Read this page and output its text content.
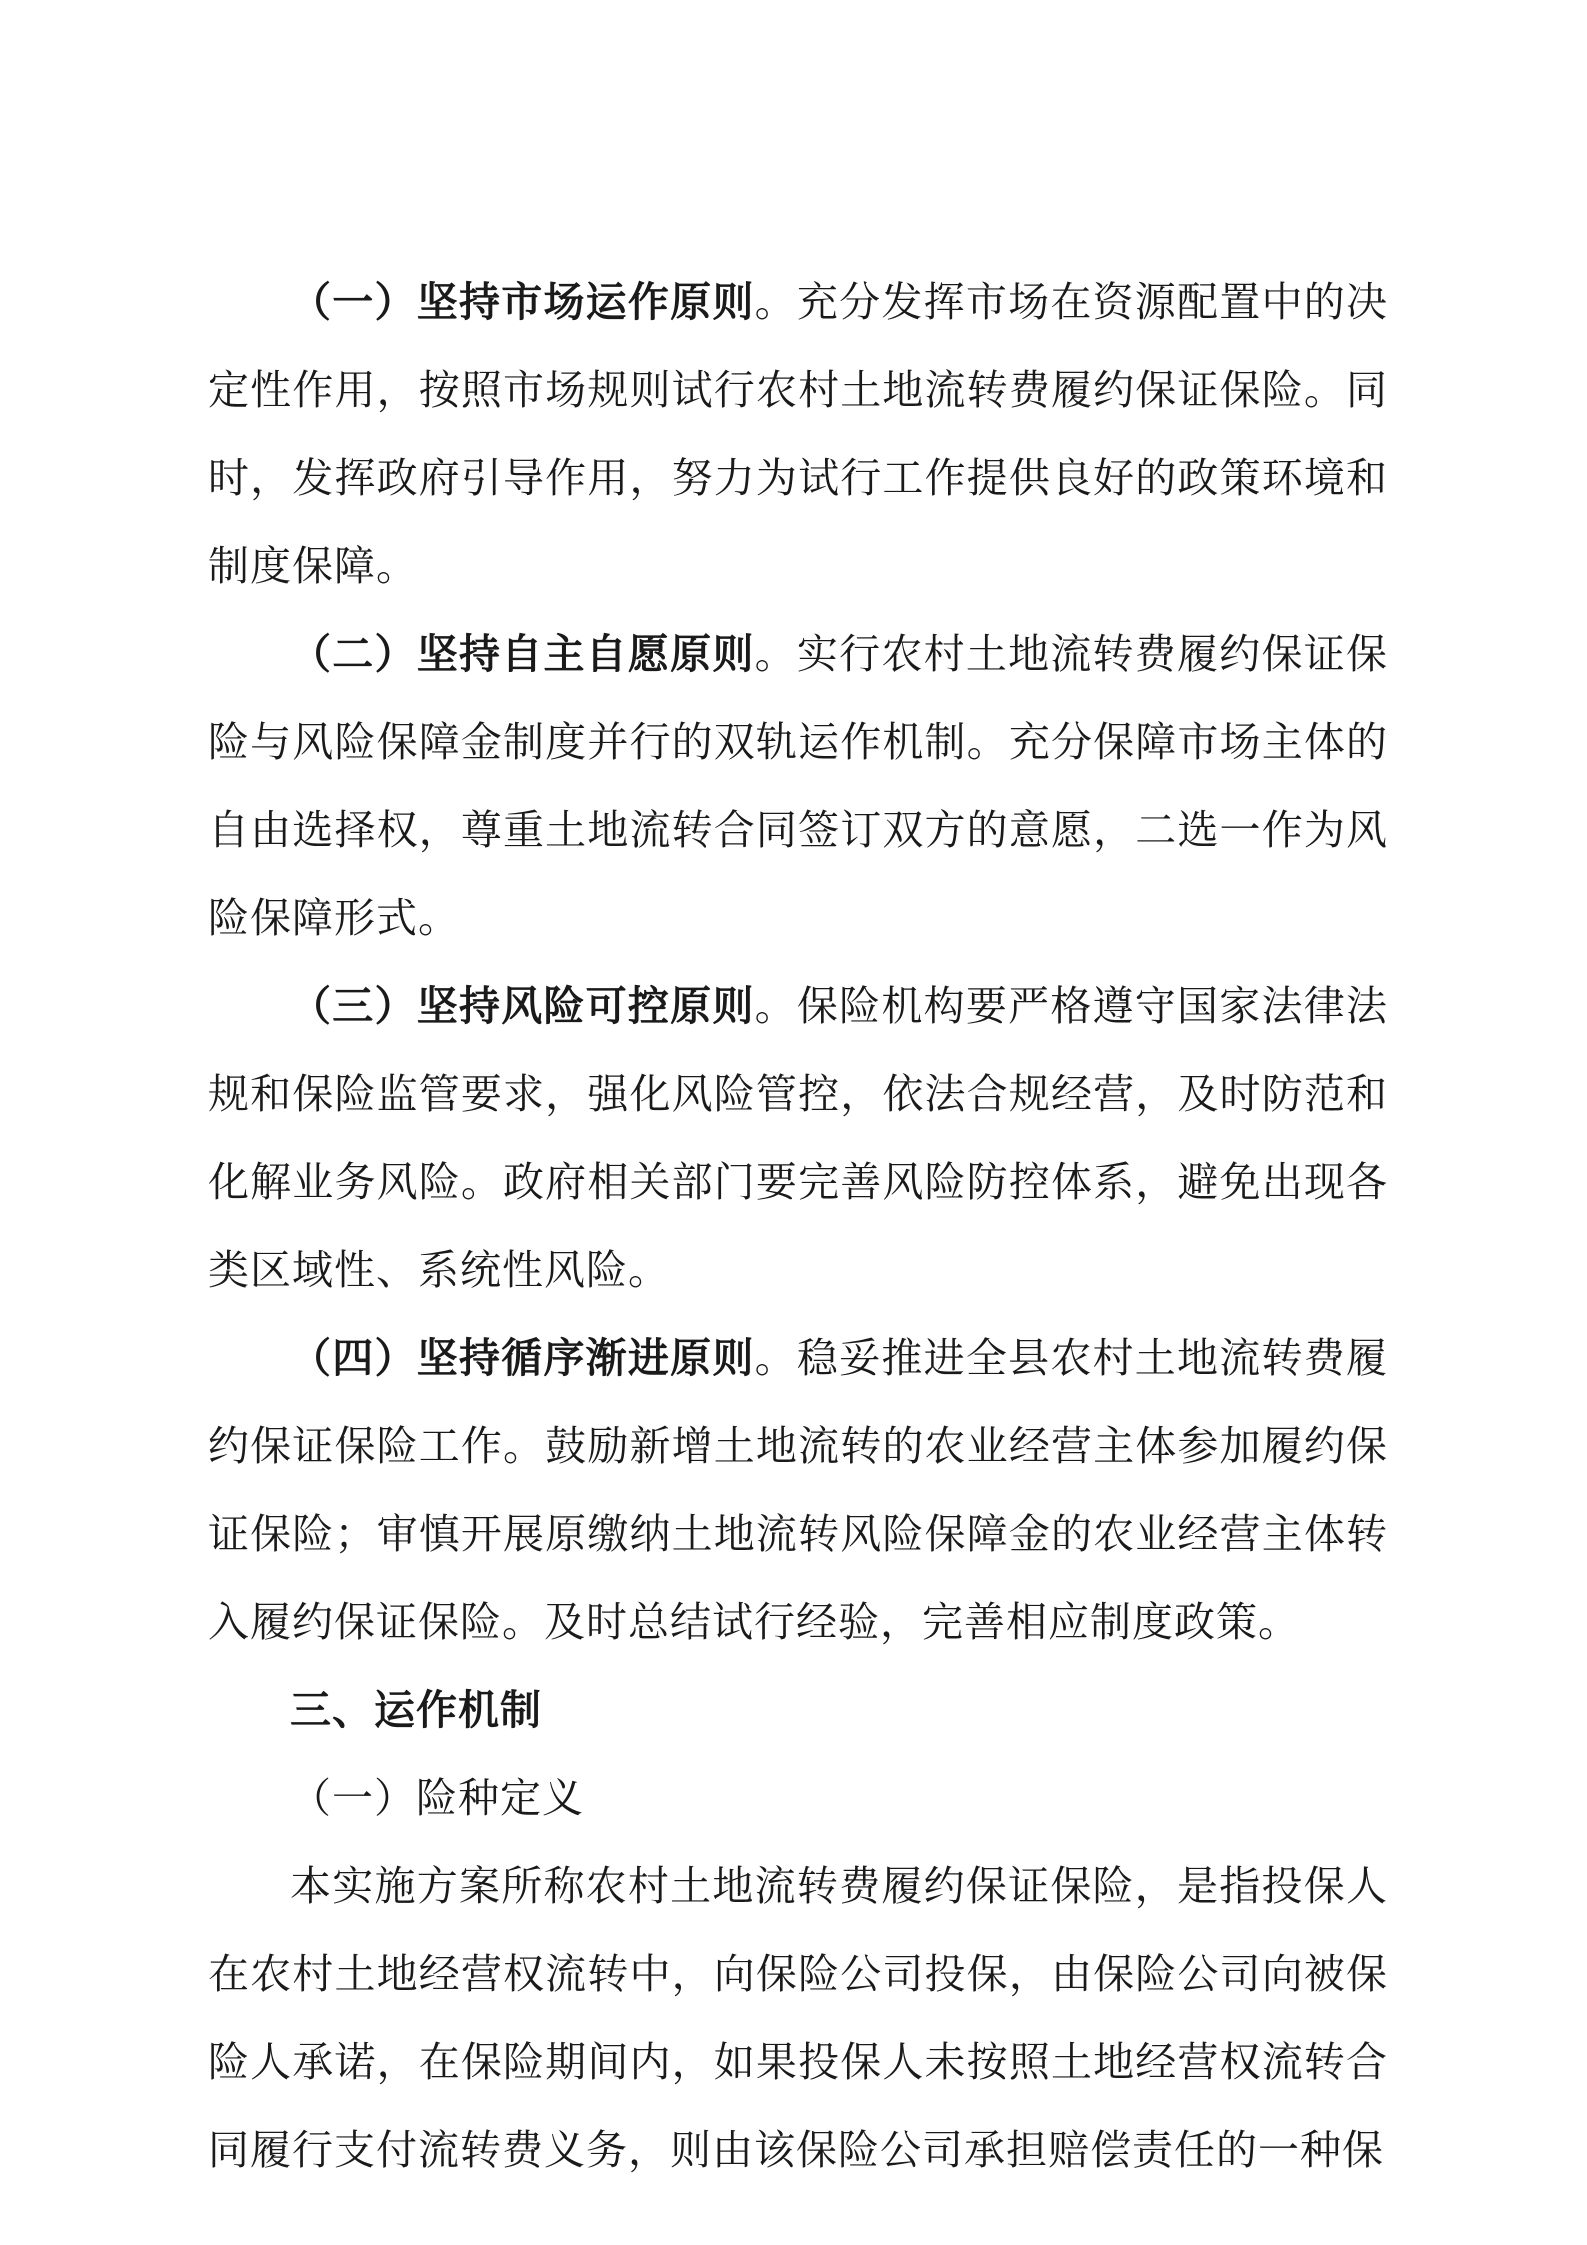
（一）坚持市场运作原则。充分发挥市场在资源配置中的决定性作用，按照市场规则试行农村土地流转费履约保证保险。同时，发挥政府引导作用，努力为试行工作提供良好的政策环境和制度保障。

（二）坚持自主自愿原则。实行农村土地流转费履约保证保险与风险保障金制度并行的双轨运作机制。充分保障市场主体的自由选择权，尊重土地流转合同签订双方的意愿，二选一作为风险保障形式。

（三）坚持风险可控原则。保险机构要严格遵守国家法律法规和保险监管要求，强化风险管控，依法合规经营，及时防范和化解业务风险。政府相关部门要完善风险防控体系，避免出现各类区域性、系统性风险。

（四）坚持循序渐进原则。稳妥推进全县农村土地流转费履约保证保险工作。鼓励新增土地流转的农业经营主体参加履约保证保险；审慎开展原缴纳土地流转风险保障金的农业经营主体转入履约保证保险。及时总结试行经验，完善相应制度政策。

三、运作机制

（一）险种定义

本实施方案所称农村土地流转费履约保证保险，是指投保人在农村土地经营权流转中，向保险公司投保，由保险公司向被保险人承诺，在保险期间内，如果投保人未按照土地经营权流转合同履行支付流转费义务，则由该保险公司承担赔偿责任的一种保
